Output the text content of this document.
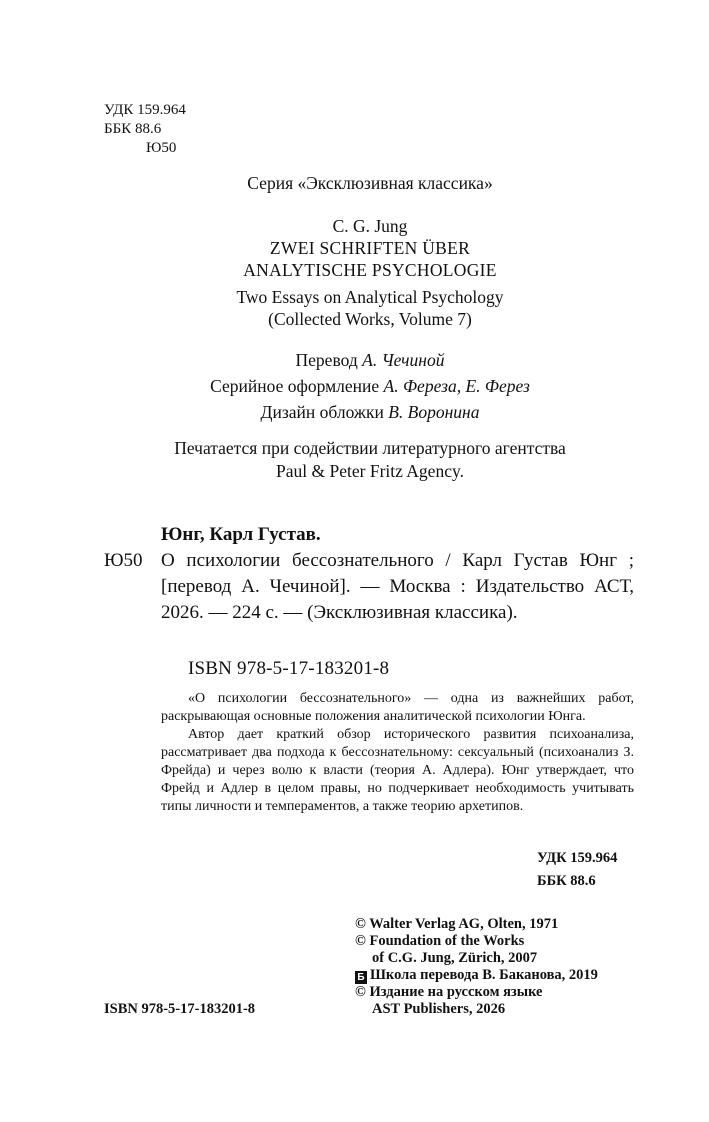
УДК 159.964
ББК 88.6
Ю50
Серия «Эксклюзивная классика»
C. G. Jung
ZWEI SCHRIFTEN ÜBER
ANALYTISCHE PSYCHOLOGIE
Two Essays on Analytical Psychology
(Collected Works, Volume 7)
Перевод А. Чечиной
Серийное оформление А. Фереза, Е. Ферез
Дизайн обложки В. Воронина
Печатается при содействии литературного агентства
Paul & Peter Fritz Agency.
Юнг, Карл Густав.
Ю50 О психологии бессознательного / Карл Густав Юнг ; [перевод А. Чечиной]. — Москва : Издательство АСТ, 2026. — 224 с. — (Эксклюзивная классика).
ISBN 978-5-17-183201-8

«О психологии бессознательного» — одна из важнейших работ, раскрывающая основные положения аналитической психологии Юнга.

Автор дает краткий обзор исторического развития психоанализа, рассматривает два подхода к бессознательному: сексуальный (психоанализ З. Фрейда) и через волю к власти (теория А. Адлера). Юнг утверждает, что Фрейд и Адлер в целом правы, но подчеркивает необходимость учитывать типы личности и темпераментов, а также теорию архетипов.

УДК 159.964
ББК 88.6
© Walter Verlag AG, Olten, 1971
© Foundation of the Works
of C.G. Jung, Zürich, 2007
Б Школа перевода В. Баканова, 2019
© Издание на русском языке
AST Publishers, 2026
ISBN 978-5-17-183201-8
